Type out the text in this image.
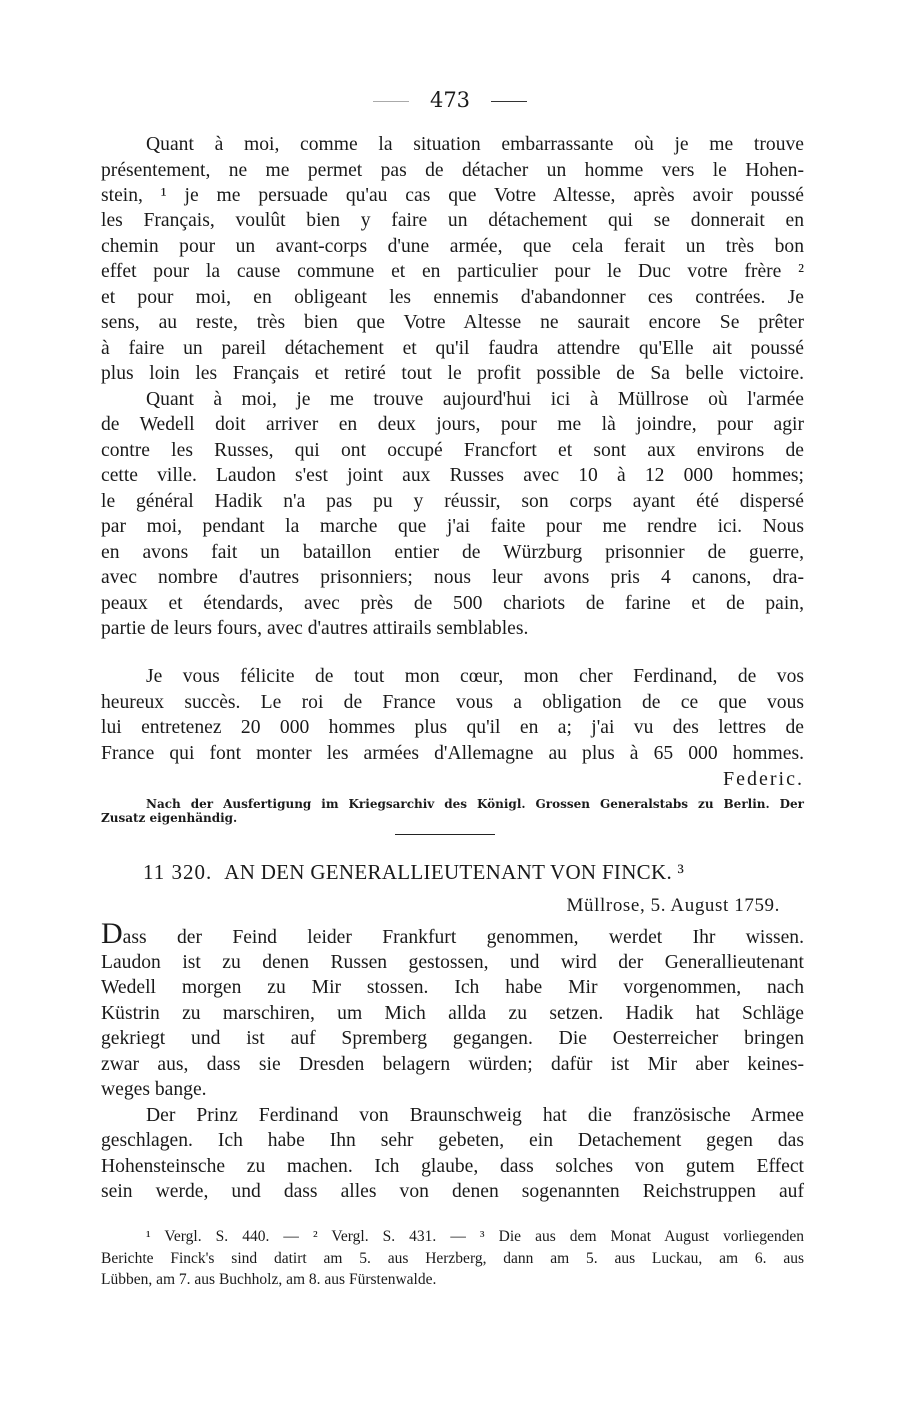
473
Quant à moi, comme la situation embarrassante où je me trouve
présentement, ne me permet pas de détacher un homme vers le Hohen-
stein, ¹ je me persuade qu'au cas que Votre Altesse, après avoir poussé
les Français, voulût bien y faire un détachement qui se donnerait en
chemin pour un avant-corps d'une armée, que cela ferait un très bon
effet pour la cause commune et en particulier pour le Duc votre frère ²
et pour moi, en obligeant les ennemis d'abandonner ces contrées. Je
sens, au reste, très bien que Votre Altesse ne saurait encore Se prêter
à faire un pareil détachement et qu'il faudra attendre qu'Elle ait poussé
plus loin les Français et retiré tout le profit possible de Sa belle victoire.
Quant à moi, je me trouve aujourd'hui ici à Müllrose où l'armée
de Wedell doit arriver en deux jours, pour me là joindre, pour agir
contre les Russes, qui ont occupé Francfort et sont aux environs de
cette ville. Laudon s'est joint aux Russes avec 10 à 12 000 hommes;
le général Hadik n'a pas pu y réussir, son corps ayant été dispersé
par moi, pendant la marche que j'ai faite pour me rendre ici. Nous
en avons fait un bataillon entier de Würzburg prisonnier de guerre,
avec nombre d'autres prisonniers; nous leur avons pris 4 canons, dra-
peaux et étendards, avec près de 500 chariots de farine et de pain,
partie de leurs fours, avec d'autres attirails semblables.
Je vous félicite de tout mon cœur, mon cher Ferdinand, de vos
heureux succès. Le roi de France vous a obligation de ce que vous
lui entretenez 20 000 hommes plus qu'il en a; j'ai vu des lettres de
France qui font monter les armées d'Allemagne au plus à 65 000 hommes.
Federic.
Nach der Ausfertigung im Kriegsarchiv des Königl. Grossen Generalstabs zu Berlin. Der
Zusatz eigenhändig.
11 320. AN DEN GENERALLIEUTENANT VON FINCK. ³
Müllrose, 5. August 1759.
Dass der Feind leider Frankfurt genommen, werdet Ihr wissen.
Laudon ist zu denen Russen gestossen, und wird der Generallieutenant
Wedell morgen zu Mir stossen. Ich habe Mir vorgenommen, nach
Küstrin zu marschiren, um Mich allda zu setzen. Hadik hat Schläge
gekriegt und ist auf Spremberg gegangen. Die Oesterreicher bringen
zwar aus, dass sie Dresden belagern würden; dafür ist Mir aber keines-
weges bange.
Der Prinz Ferdinand von Braunschweig hat die französische Armee
geschlagen. Ich habe Ihn sehr gebeten, ein Detachement gegen das
Hohensteinsche zu machen. Ich glaube, dass solches von gutem Effect
sein werde, und dass alles von denen sogenannten Reichstruppen auf
¹ Vergl. S. 440. — ² Vergl. S. 431. — ³ Die aus dem Monat August vorliegenden
Berichte Finck's sind datirt am 5. aus Herzberg, dann am 5. aus Luckau, am 6. aus
Lübben, am 7. aus Buchholz, am 8. aus Fürstenwalde.
